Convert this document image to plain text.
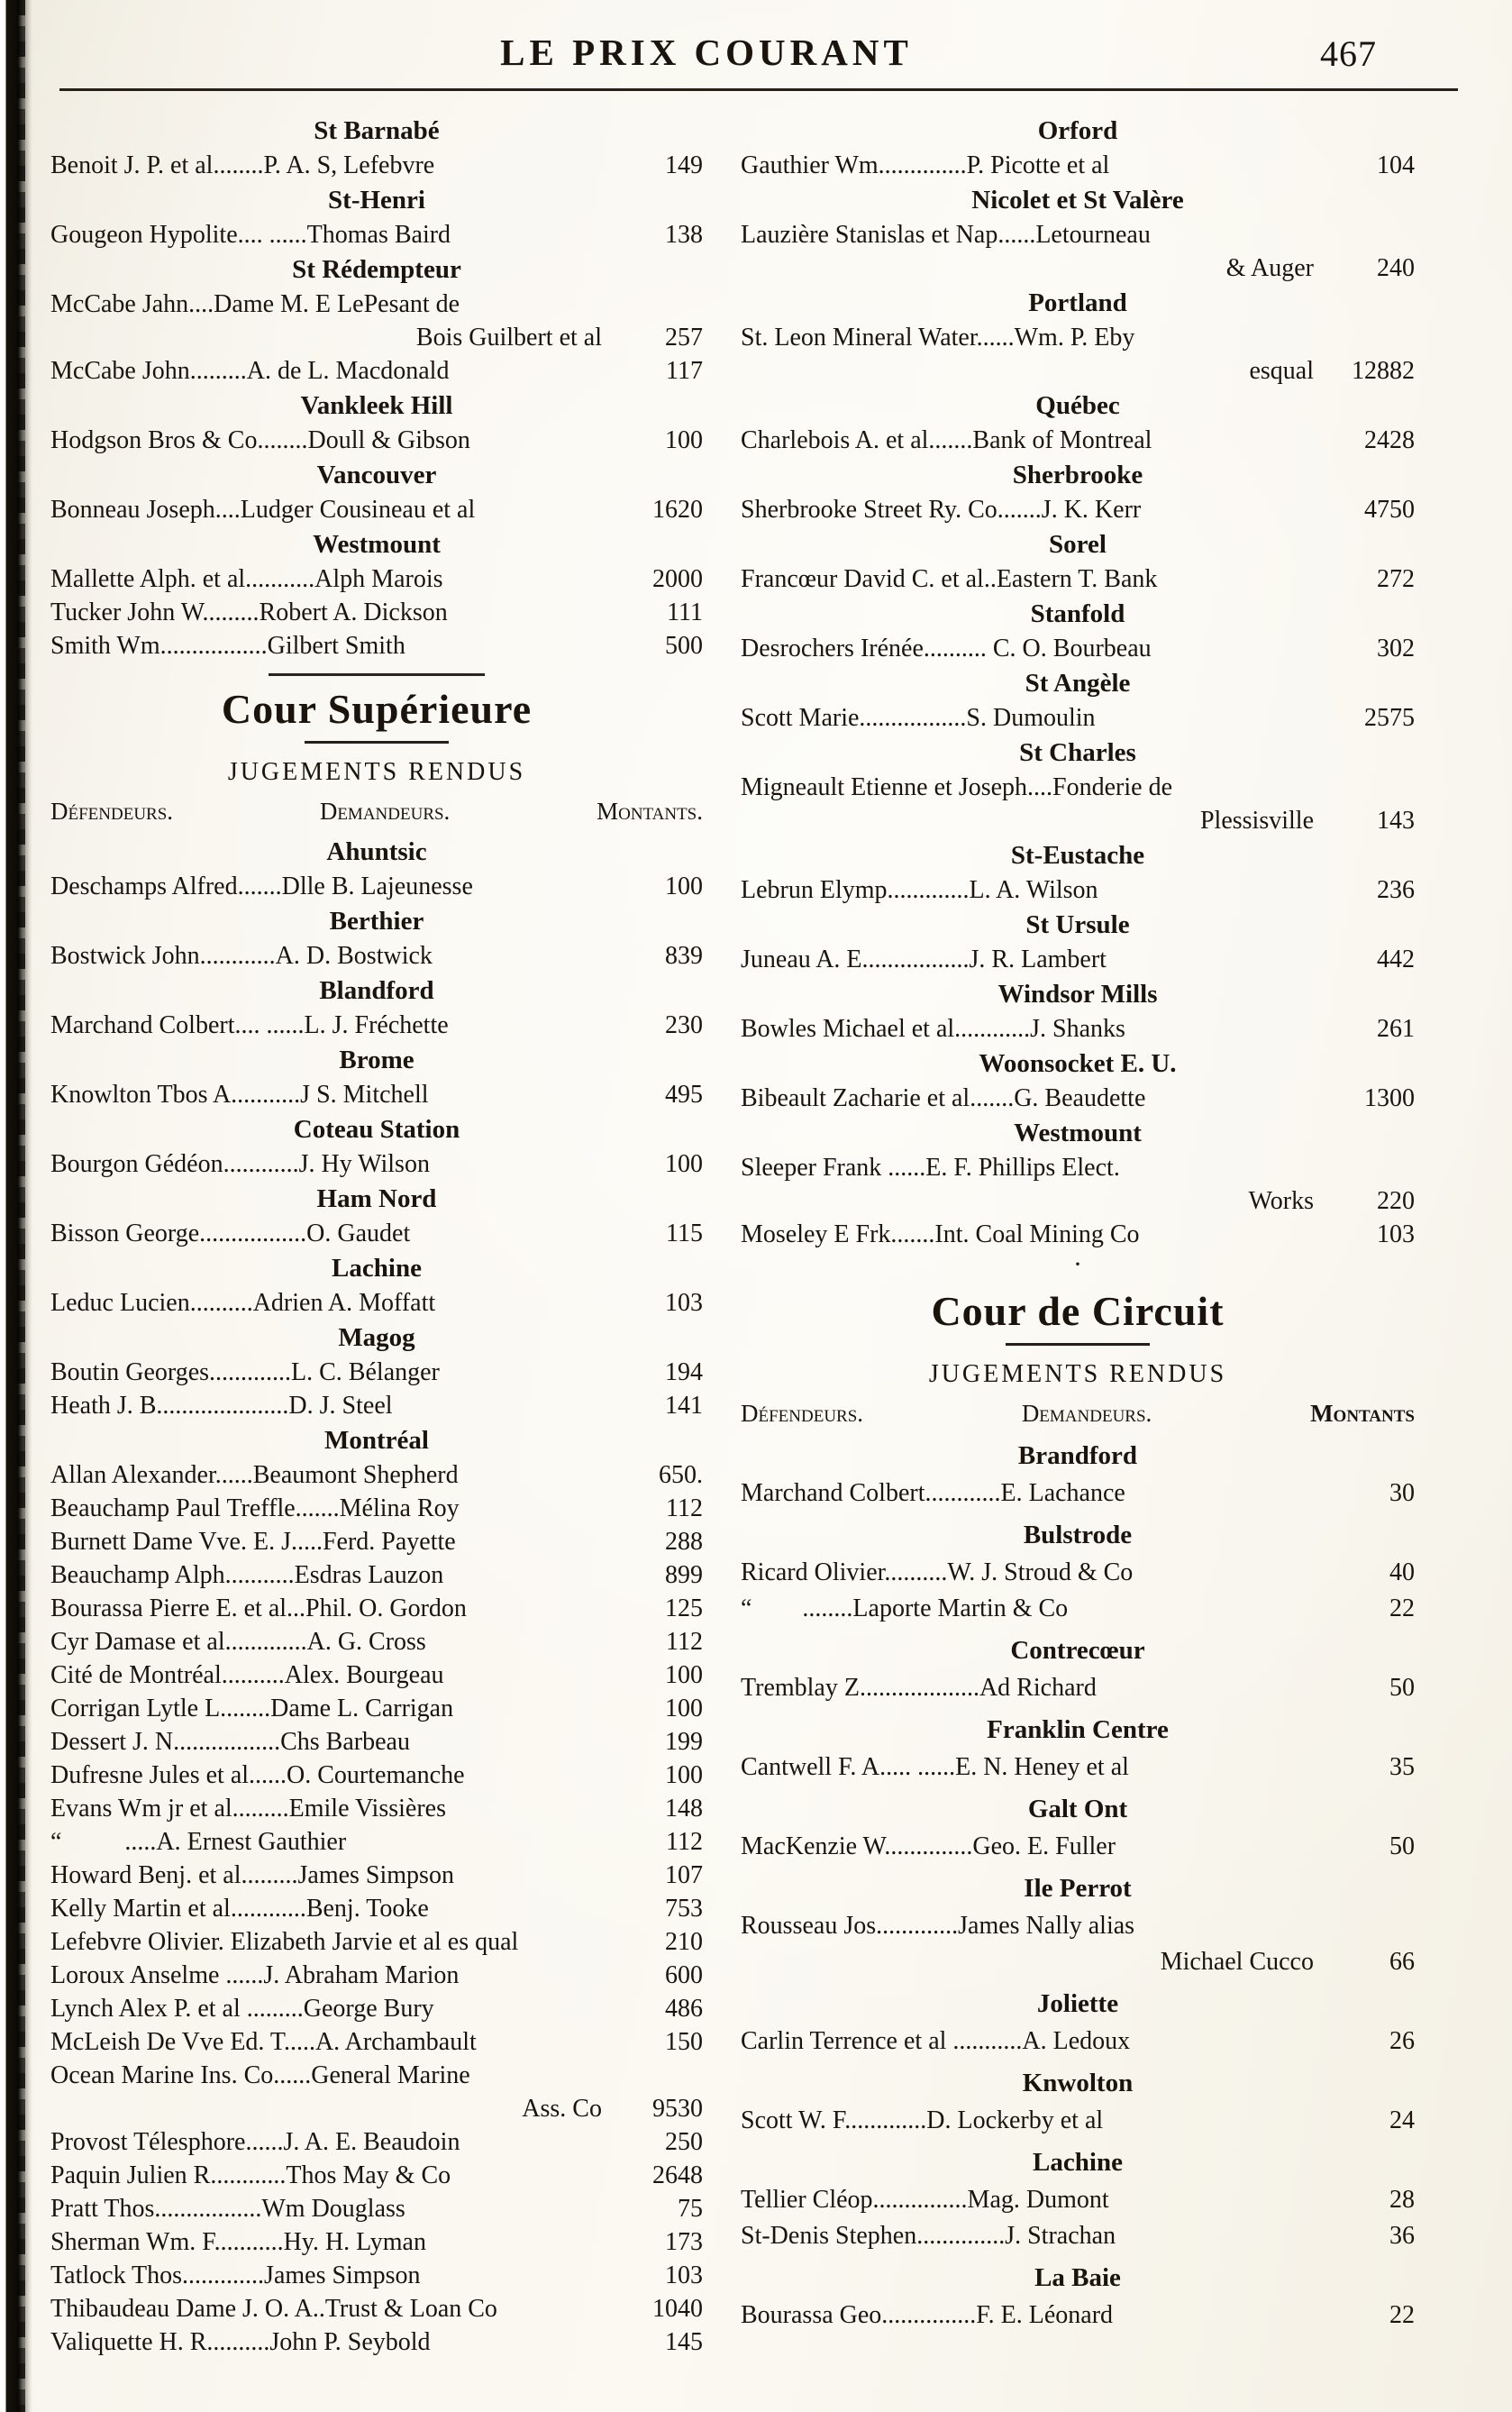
LE PRIX COURANT	467
St Barnabé
Benoit J. P. et al........P. A. S, Lefebvre	149
St-Henri
Gougeon Hypolite.... ......Thomas Baird	138
St Rédempteur
McCabe Jahn....Dame M. E LePesant de
Bois Guilbert et al	257
McCabe John.........A. de L. Macdonald	117
Vankleek Hill
Hodgson Bros & Co........Doull & Gibson	100
Vancouver
Bonneau Joseph....Ludger Cousineau et al	1620
Westmount
Mallette Alph. et al...........Alph Marois	2000
Tucker John W.........Robert A. Dickson	111
Smith Wm.................Gilbert Smith	500
Cour Supérieure
JUGEMENTS RENDUS
Défendeurs.	Demandeurs.	Montants.
Ahuntsic
Deschamps Alfred.......Dlle B. Lajeunesse	100
Berthier
Bostwick John............A. D. Bostwick	839
Blandford
Marchand Colbert.... ......L. J. Fréchette	230
Brome
Knowlton Tbos A...........J S. Mitchell	495
Coteau Station
Bourgon Gédéon............J. Hy Wilson	100
Ham Nord
Bisson George.................O. Gaudet	115
Lachine
Leduc Lucien..........Adrien A. Moffatt	103
Magog
Boutin Georges.............L. C. Bélanger	194
Heath J. B.....................D. J. Steel	141
Montréal
Allan Alexander......Beaumont Shepherd	650.
Beauchamp Paul Treffle.......Mélina Roy	112
Burnett Dame Vve. E. J.....Ferd. Payette	288
Beauchamp Alph...........Esdras Lauzon	899
Bourassa Pierre E. et al...Phil. O. Gordon	125
Cyr Damase et al.............A. G. Cross	112
Cité de Montréal..........Alex. Bourgeau	100
Corrigan Lytle L........Dame L. Carrigan	100
Dessert J. N.................Chs Barbeau	199
Dufresne Jules et al......O. Courtemanche	100
Evans Wm jr et al.........Emile Vissières	148
“          .....A. Ernest Gauthier	112
Howard Benj. et al.........James Simpson	107
Kelly Martin et al............Benj. Tooke	753
Lefebvre Olivier. Elizabeth Jarvie et al es qual	210
Loroux Anselme ......J. Abraham Marion	600
Lynch Alex P. et al .........George Bury	486
McLeish De Vve Ed. T.....A. Archambault	150
Ocean Marine Ins. Co......General Marine
Ass. Co	9530
Provost Télesphore......J. A. E. Beaudoin	250
Paquin Julien R............Thos May & Co	2648
Pratt Thos.................Wm Douglass	75
Sherman Wm. F...........Hy. H. Lyman	173
Tatlock Thos.............James Simpson	103
Thibaudeau Dame J. O. A..Trust & Loan Co	1040
Valiquette H. R..........John P. Seybold	145
Orford
Gauthier Wm..............P. Picotte et al	104
Nicolet et St Valère
Lauzière Stanislas et Nap......Letourneau
& Auger	240
Portland
St. Leon Mineral Water......Wm. P. Eby
esqual	12882
Québec
Charlebois A. et al.......Bank of Montreal	2428
Sherbrooke
Sherbrooke Street Ry. Co.......J. K. Kerr	4750
Sorel
Francœur David C. et al..Eastern T. Bank	272
Stanfold
Desrochers Irénée.......... C. O. Bourbeau	302
St Angèle
Scott Marie.................S. Dumoulin	2575
St Charles
Migneault Etienne et Joseph....Fonderie de
Plessisville	143
St-Eustache
Lebrun Elymp.............L. A. Wilson	236
St Ursule
Juneau A. E.................J. R. Lambert	442
Windsor Mills
Bowles Michael et al............J. Shanks	261
Woonsocket E. U.
Bibeault Zacharie et al.......G. Beaudette	1300
Westmount
Sleeper Frank ......E. F. Phillips Elect.
Works	220
Moseley E Frk.......Int. Coal Mining Co	103
·
Cour de Circuit
JUGEMENTS RENDUS
Défendeurs.	Demandeurs.	Montants
Brandford
Marchand Colbert............E. Lachance	30
Bulstrode
Ricard Olivier..........W. J. Stroud & Co	40
“        ........Laporte Martin & Co	22
Contrecœur
Tremblay Z...................Ad Richard	50
Franklin Centre
Cantwell F. A..... ......E. N. Heney et al	35
Galt Ont
MacKenzie W..............Geo. E. Fuller	50
Ile Perrot
Rousseau Jos.............James Nally alias
Michael Cucco	66
Joliette
Carlin Terrence et al ...........A. Ledoux	26
Knwolton
Scott W. F.............D. Lockerby et al	24
Lachine
Tellier Cléop...............Mag. Dumont	28
St-Denis Stephen..............J. Strachan	36
La Baie
Bourassa Geo...............F. E. Léonard	22
